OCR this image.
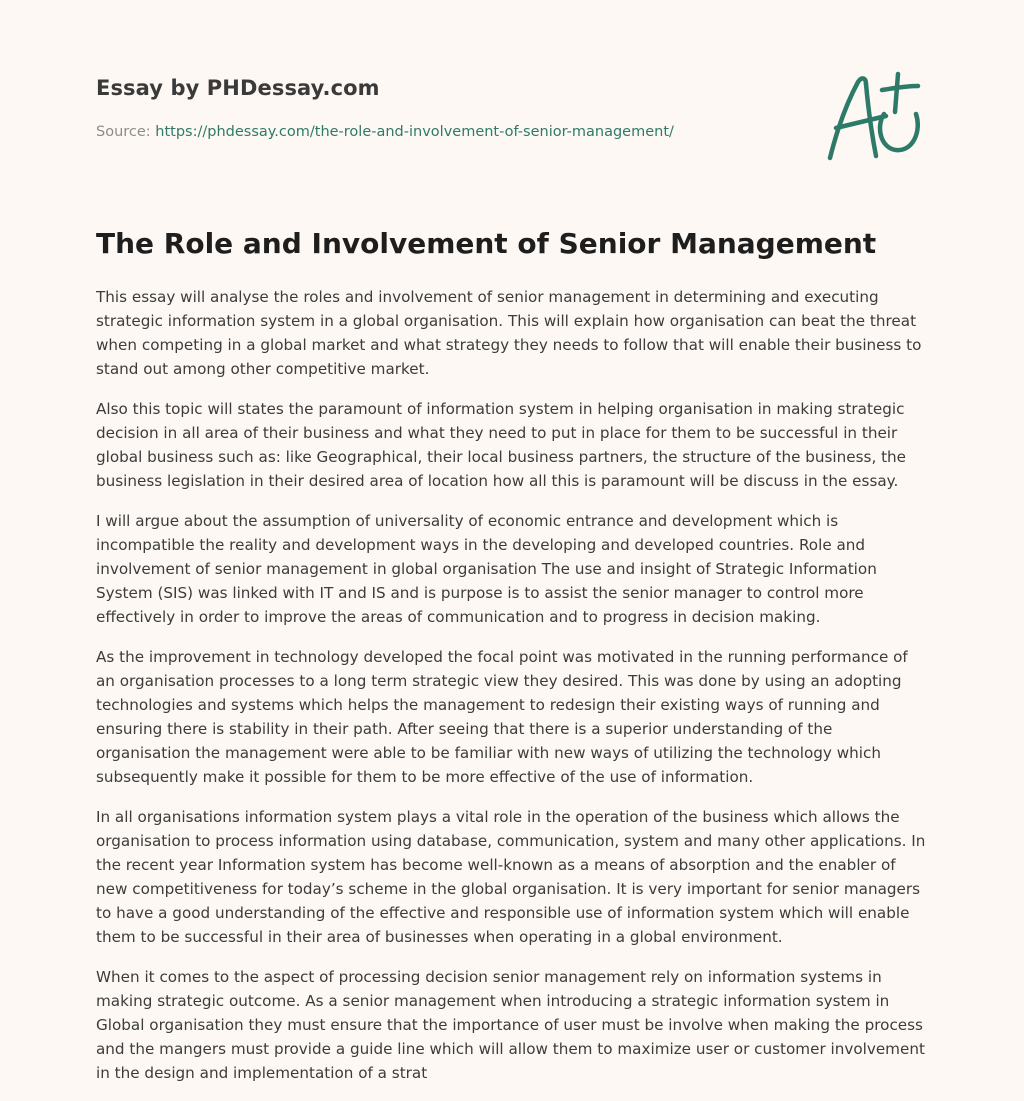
Essay by PHDessay.com
Source: https://phdessay.com/the-role-and-involvement-of-senior-management/
The Role and Involvement of Senior Management

This essay will analyse the roles and involvement of senior management in determining and executing strategic information system in a global organisation. This will explain how organisation can beat the threat when competing in a global market and what strategy they needs to follow that will enable their business to stand out among other competitive market.

Also this topic will states the paramount of information system in helping organisation in making strategic decision in all area of their business and what they need to put in place for them to be successful in their global business such as: like Geographical, their local business partners, the structure of the business, the business legislation in their desired area of location how all this is paramount will be discuss in the essay.

I will argue about the assumption of universality of economic entrance and development which is incompatible the reality and development ways in the developing and developed countries. Role and involvement of senior management in global organisation The use and insight of Strategic Information System (SIS) was linked with IT and IS and is purpose is to assist the senior manager to control more effectively in order to improve the areas of communication and to progress in decision making.

As the improvement in technology developed the focal point was motivated in the running performance of an organisation processes to a long term strategic view they desired. This was done by using an adopting technologies and systems which helps the management to redesign their existing ways of running and ensuring there is stability in their path. After seeing that there is a superior understanding of the organisation the management were able to be familiar with new ways of utilizing the technology which subsequently make it possible for them to be more effective of the use of information.

In all organisations information system plays a vital role in the operation of the business which allows the organisation to process information using database, communication, system and many other applications. In the recent year Information system has become well-known as a means of absorption and the enabler of new competitiveness for today’s scheme in the global organisation. It is very important for senior managers to have a good understanding of the effective and responsible use of information system which will enable them to be successful in their area of businesses when operating in a global environment.

When it comes to the aspect of processing decision senior management rely on information systems in making strategic outcome. As a senior management when introducing a strategic information system in Global organisation they must ensure that the importance of user must be involve when making the process and the mangers must provide a guide line which will allow them to maximize user or customer involvement in the design and implementation of a strat
